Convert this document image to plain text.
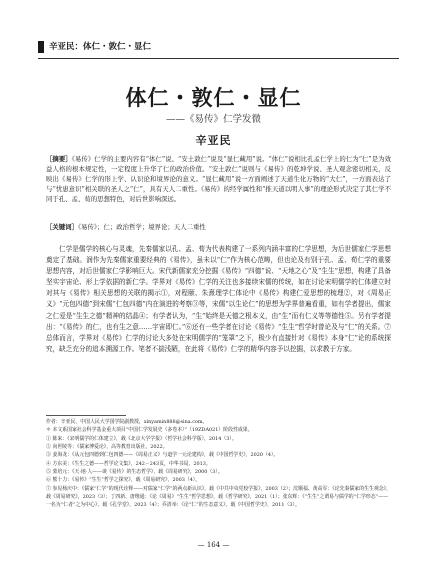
辛亚民：体仁・敦仁・显仁
体仁・敦仁・显仁
——《易传》仁学发微
辛亚民
［摘要］《易传》仁学的主要内容有“体仁”说、“安土敦仁”说及“显仁藏用”说。“体仁”说相比孔孟仁学上的仁为“仁”是为效益人格的根本规定性，一定程度上升华了仁的政治价值。“安土敦仁”说则与《易传》的乾坤学说、圣人观念密切相关，反映出《易传》仁学的形上学、认识论和境界论的意义。“显仁藏用”说一方面阐述了天道生化万物的“大仁”，一方面表达了与“忧患意识”相关联的圣人之“仁”，具有天人二重性。《易传》的经学属性和“推天道以明人事”的理论形式决定了其仁学不同于孔、孟、荀的思想特色，对后世影响深远。
［关键词］《易传》；仁；政治哲学；境界论；天人二重性

仁学是儒学的核心与灵魂，先秦儒家以孔、孟、荀为代表构建了一系列内涵丰富的仁学思想，为后世儒家仁学思想奠定了基础。润作为先秦儒家重要经典的《易传》，虽未以“仁”作为核心范畴，但也论及有别于孔、孟、荀仁学的重要思想内容，对后世儒家仁学影响巨大。宋代新儒家充分挖掘《易传》“四德”说、“天地之心”及“生生”思想，构建了具备坚实宇宙论、形上学依据的新仁学。学界对《易传》仁学的关注也多接续宋儒的传统，如在讨论宋明儒学的仁体建立时对其与《易传》相关思想的关联的揭示①，对程颐、朱熹理学仁体论中《易传》构建仁爱思想的梳理②，对《周易正义》“元包四德”到宋儒“仁包四德”内在演进的考察③等，宋儒“以生论仁”的思想为学界普遍看重，如有学者提出，儒家之仁爱是“生生之德”精神的结晶④；有学者认为，“生”始终是天德之根本义，由“生”而有仁义等等德性⑤。另有学者提出：“《易传》的仁，也有生之意……宇宙即仁。”⑥还有一些学者在讨论《易传》“生生”哲学时曾论及与“仁”的关系。⑦总体而言，学界对《易传》仁学的讨论大多处在宋明儒学的“笼罩”之下，极少有直接针对《易传》本身“仁”论的系统探究，缺乏充分的追本溯源工作。笔者不揣浅陋，在此将《易传》仁学的精华内容予以挖掘，以求教于方家。

作者：辛亚民，中国人民大学国学院副教授，xinyamin888@sina.com。
＊ 本文系国家社会科学基金重大项目“中国仁学发展史（多卷本）”（19ZDA021）阶段性成果。
① 陈来：《宋明儒学的仁体建立》，载《北京大学学报》（哲学社会科学版），2014（3）。
② 向世陵等：《儒家博爱论》，高等教育出版社，2022。
③ 姜海龙：《从元包四德到仁包四德——《周易正义》与道学一元论建构》，载《中国哲学史》，2020（4）。
④ 方东美：《生生之德——哲学论文集》，242－243页，中华书局，2013。
⑤ 蒙培元：《天·地·人——谈《易传》的生态哲学》，载《周易研究》，2000（3）。
⑥ 熊十力：《易传》“生生”哲学之探究》，载《周易研究》，2003（4）。
⑦ 参见杨庆中：《儒家“仁学”的现代诠释——对儒家“仁学”的两点新认识》，载《中共中央党校学报》，2003（2）；沈顺福、黄高军：《论先秦儒家的生生观念》，载《周易研究》，2023（3）；丁四新、唐维通：《论《周易》“生生”哲学思想》，载《哲学研究》，2021（1）；张东辉：《“生生”之谓易与儒学的“仁学形态”——一名为“仁者”之为中心》，载《孔学堂》，2023（4）；乔清举：《论“仁”的生态意义》，载《中国哲学史》，2011（3）。
— 164 —
